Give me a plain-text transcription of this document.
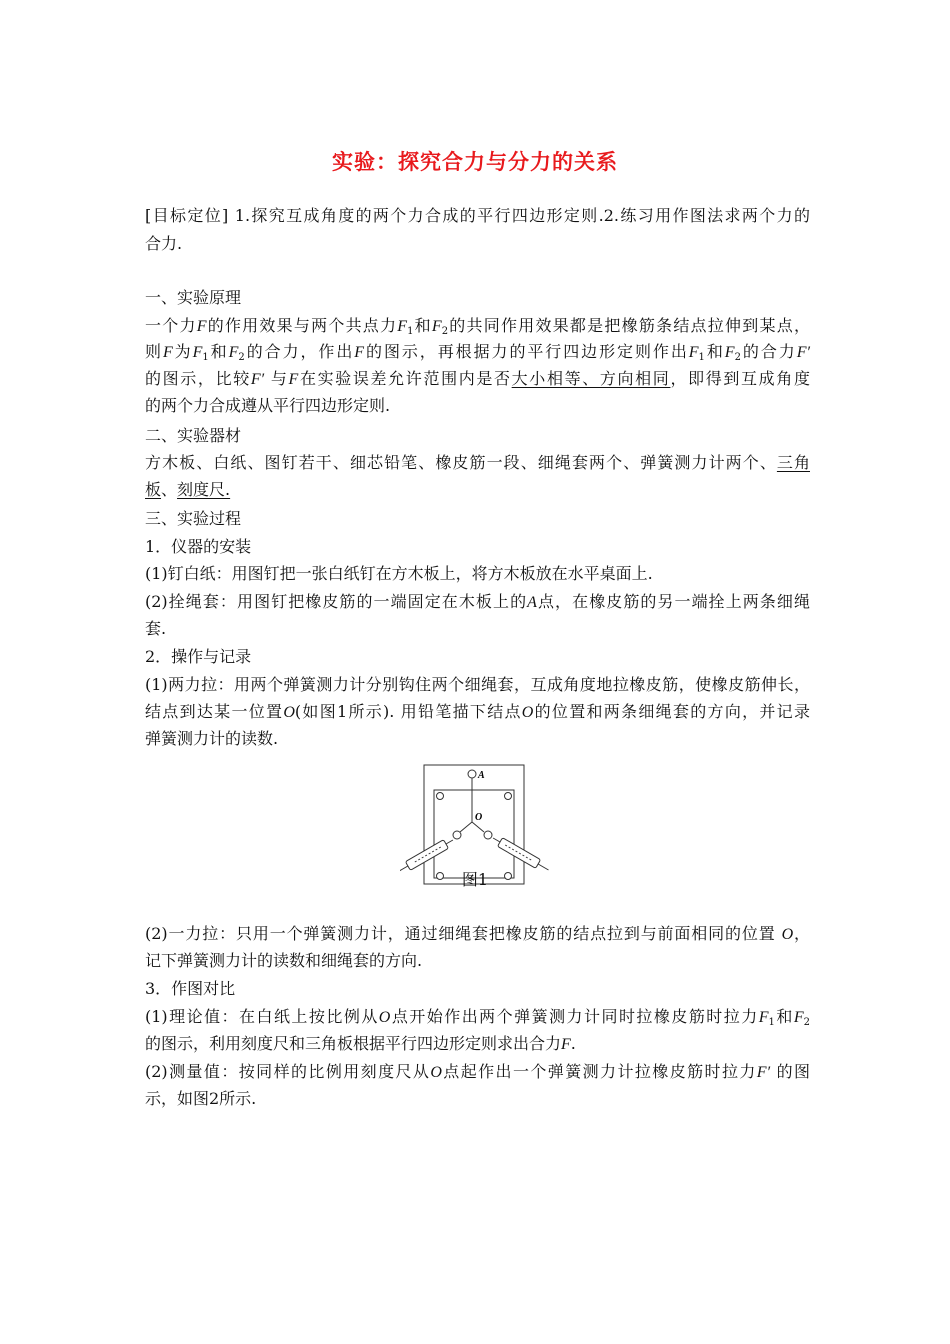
实验：探究合力与分力的关系
[目标定位] 1.探究互成角度的两个力合成的平行四边形定则.2.练习用作图法求两个力的
合力.
一、实验原理
一个力F的作用效果与两个共点力$F_1$和$F_2$的共同作用效果都是把橡筋条结点拉伸到某点，
则F为$F_1$和$F_2$的合力，作出F的图示，再根据力的平行四边形定则作出$F_1$和$F_2$的合力F′
的图示，比较F′ 与F在实验误差允许范围内是否大小相等、方向相同，即得到互成角度
的两个力合成遵从平行四边形定则.
二、实验器材
方木板、白纸、图钉若干、细芯铅笔、橡皮筋一段、细绳套两个、弹簧测力计两个、三角
板、刻度尺.
三、实验过程
1．仪器的安装
(1)钉白纸：用图钉把一张白纸钉在方木板上，将方木板放在水平桌面上.
(2)拴绳套：用图钉把橡皮筋的一端固定在木板上的A点，在橡皮筋的另一端拴上两条细绳
套.
2．操作与记录
(1)两力拉：用两个弹簧测力计分别钩住两个细绳套，互成角度地拉橡皮筋，使橡皮筋伸长，
结点到达某一位置O(如图1所示). 用铅笔描下结点O的位置和两条细绳套的方向，并记录
弹簧测力计的读数.
A
O
图1
(2)一力拉：只用一个弹簧测力计，通过细绳套把橡皮筋的结点拉到与前面相同的位置 O，
记下弹簧测力计的读数和细绳套的方向.
3．作图对比
(1)理论值：在白纸上按比例从O点开始作出两个弹簧测力计同时拉橡皮筋时拉力$F_1$和$F_2$
的图示，利用刻度尺和三角板根据平行四边形定则求出合力F.
(2)测量值：按同样的比例用刻度尺从O点起作出一个弹簧测力计拉橡皮筋时拉力F′ 的图
示，如图2所示.
